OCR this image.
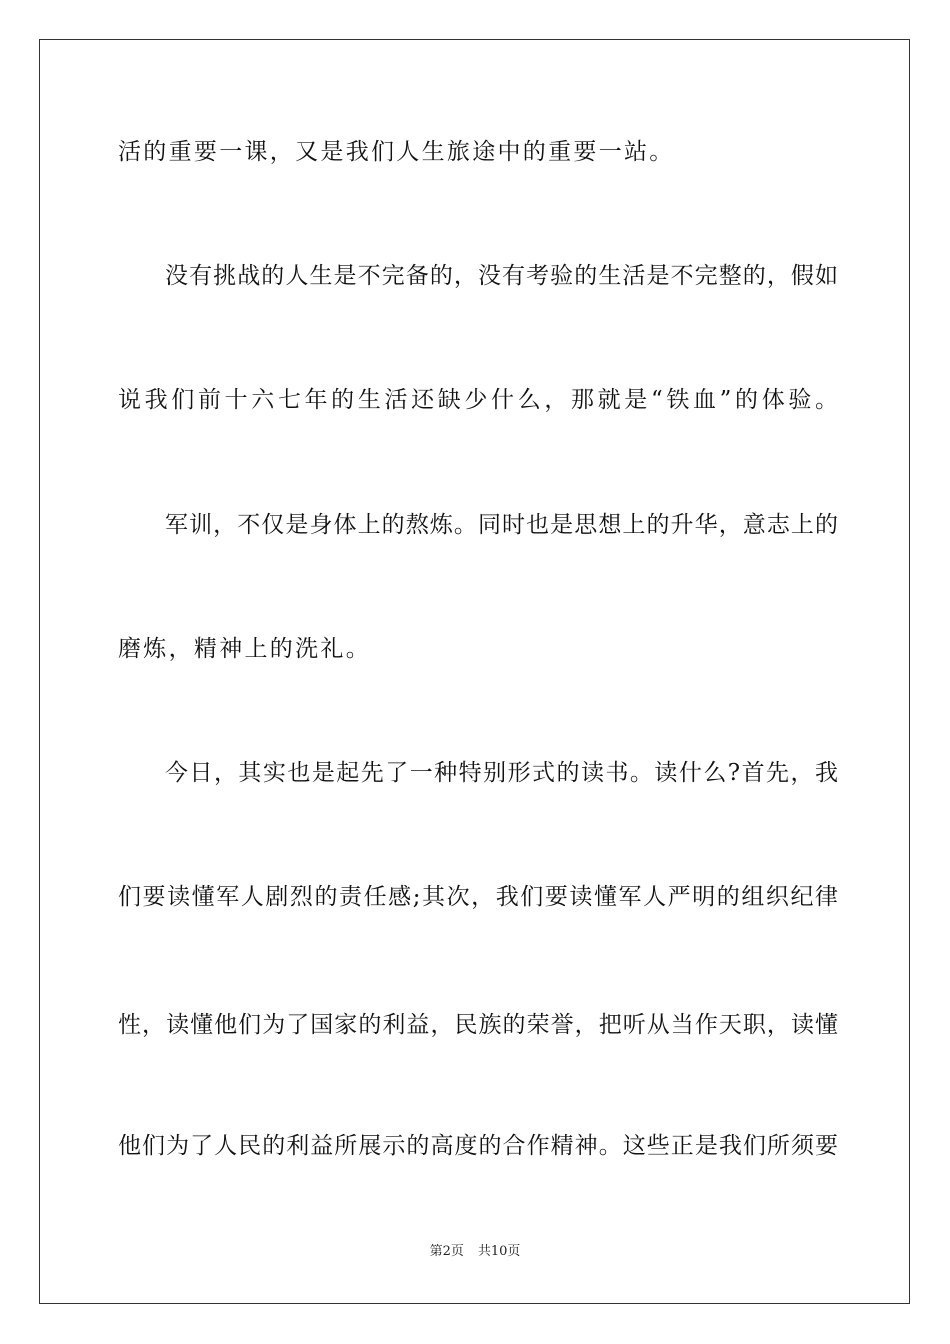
活的重要一课，又是我们人生旅途中的重要一站。
没有挑战的人生是不完备的，没有考验的生活是不完整的，假如
说我们前十六七年的生活还缺少什么，那就是“铁血”的体验。
军训，不仅是身体上的熬炼。同时也是思想上的升华，意志上的
磨炼，精神上的洗礼。
今日，其实也是起先了一种特别形式的读书。读什么?首先，我
们要读懂军人剧烈的责任感;其次，我们要读懂军人严明的组织纪律
性，读懂他们为了国家的利益，民族的荣誉，把听从当作天职，读懂
他们为了人民的利益所展示的高度的合作精神。这些正是我们所须要
第2页 共10页
